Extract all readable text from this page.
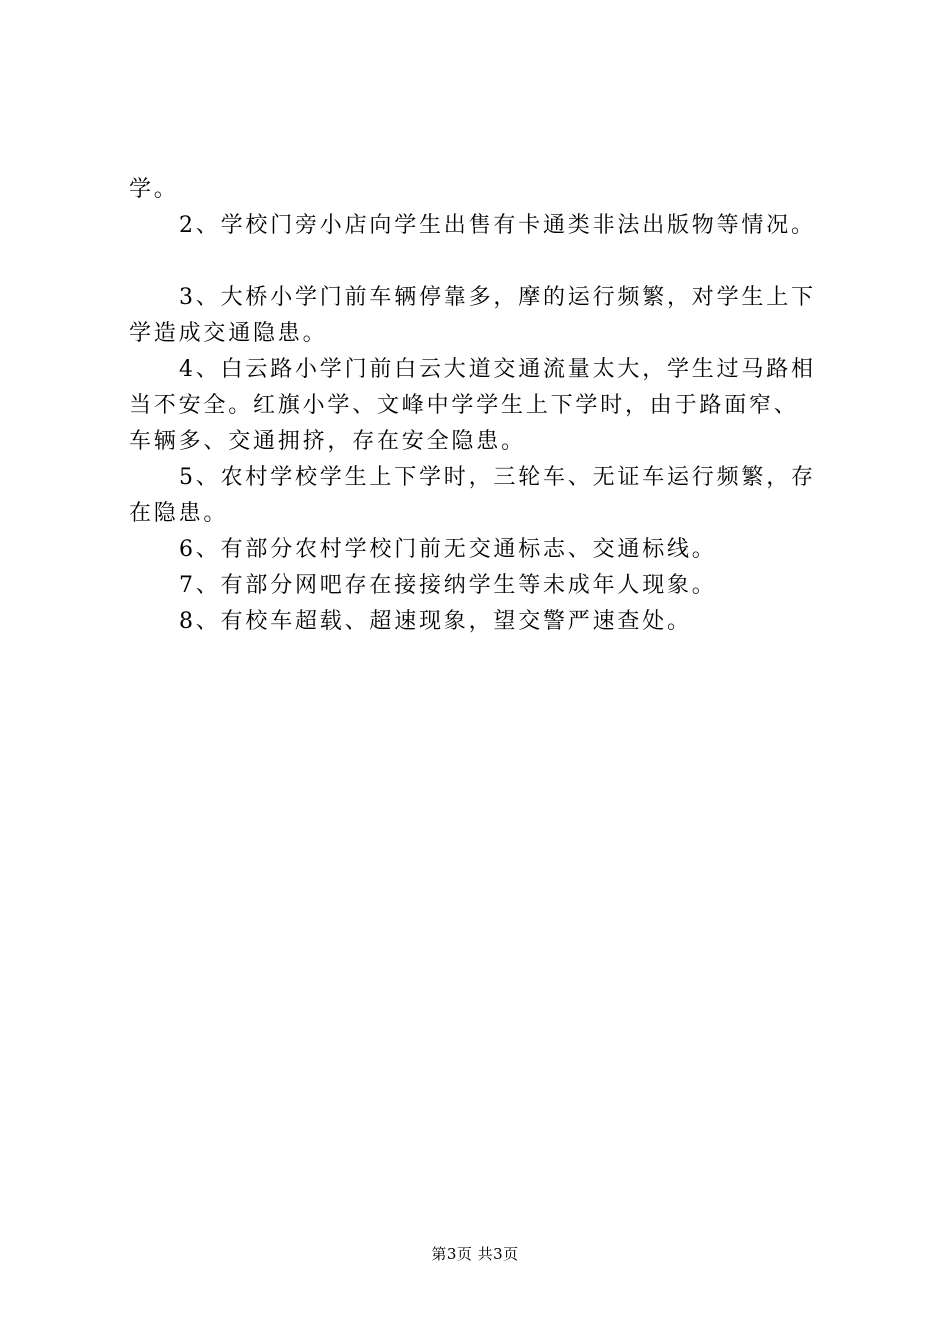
学。

2、学校门旁小店向学生出售有卡通类非法出版物等情况。

3、大桥小学门前车辆停靠多，摩的运行频繁，对学生上下

学造成交通隐患。

4、白云路小学门前白云大道交通流量太大，学生过马路相

当不安全。红旗小学、文峰中学学生上下学时，由于路面窄、

车辆多、交通拥挤，存在安全隐患。

5、农村学校学生上下学时，三轮车、无证车运行频繁，存

在隐患。

6、有部分农村学校门前无交通标志、交通标线。

7、有部分网吧存在接接纳学生等未成年人现象。

8、有校车超载、超速现象，望交警严速查处。

第3页 共3页
